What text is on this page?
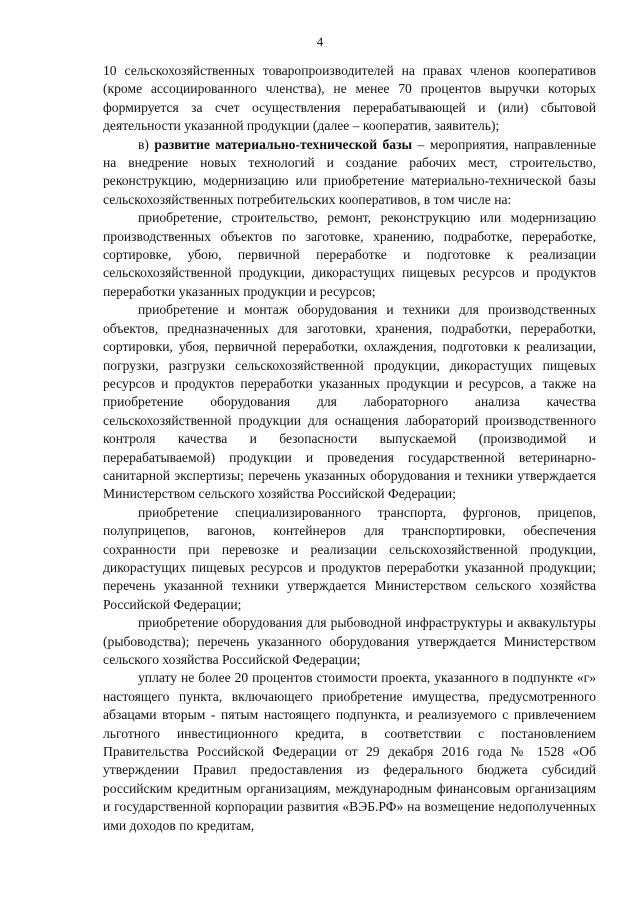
4

10 сельскохозяйственных товаропроизводителей на правах членов кооперативов (кроме ассоциированного членства), не менее 70 процентов выручки которых формируется за счет осуществления перерабатывающей и (или) сбытовой деятельности указанной продукции (далее – кооператив, заявитель);

в) развитие материально-технической базы – мероприятия, направленные на внедрение новых технологий и создание рабочих мест, строительство, реконструкцию, модернизацию или приобретение материально-технической базы сельскохозяйственных потребительских кооперативов, в том числе на:

приобретение, строительство, ремонт, реконструкцию или модернизацию производственных объектов по заготовке, хранению, подработке, переработке, сортировке, убою, первичной переработке и подготовке к реализации сельскохозяйственной продукции, дикорастущих пищевых ресурсов и продуктов переработки указанных продукции и ресурсов;

приобретение и монтаж оборудования и техники для производственных объектов, предназначенных для заготовки, хранения, подработки, переработки, сортировки, убоя, первичной переработки, охлаждения, подготовки к реализации, погрузки, разгрузки сельскохозяйственной продукции, дикорастущих пищевых ресурсов и продуктов переработки указанных продукции и ресурсов, а также на приобретение оборудования для лабораторного анализа качества сельскохозяйственной продукции для оснащения лабораторий производственного контроля качества и безопасности выпускаемой (производимой и перерабатываемой) продукции и проведения государственной ветеринарно-санитарной экспертизы; перечень указанных оборудования и техники утверждается Министерством сельского хозяйства Российской Федерации;

приобретение специализированного транспорта, фургонов, прицепов, полуприцепов, вагонов, контейнеров для транспортировки, обеспечения сохранности при перевозке и реализации сельскохозяйственной продукции, дикорастущих пищевых ресурсов и продуктов переработки указанной продукции; перечень указанной техники утверждается Министерством сельского хозяйства Российской Федерации;

приобретение оборудования для рыбоводной инфраструктуры и аквакультуры (рыбоводства); перечень указанного оборудования утверждается Министерством сельского хозяйства Российской Федерации;

уплату не более 20 процентов стоимости проекта, указанного в подпункте «г» настоящего пункта, включающего приобретение имущества, предусмотренного абзацами вторым - пятым настоящего подпункта, и реализуемого с привлечением льготного инвестиционного кредита, в соответствии с постановлением Правительства Российской Федерации от 29 декабря 2016 года № 1528 «Об утверждении Правил предоставления из федерального бюджета субсидий российским кредитным организациям, международным финансовым организациям и государственной корпорации развития «ВЭБ.РФ» на возмещение недополученных ими доходов по кредитам,
